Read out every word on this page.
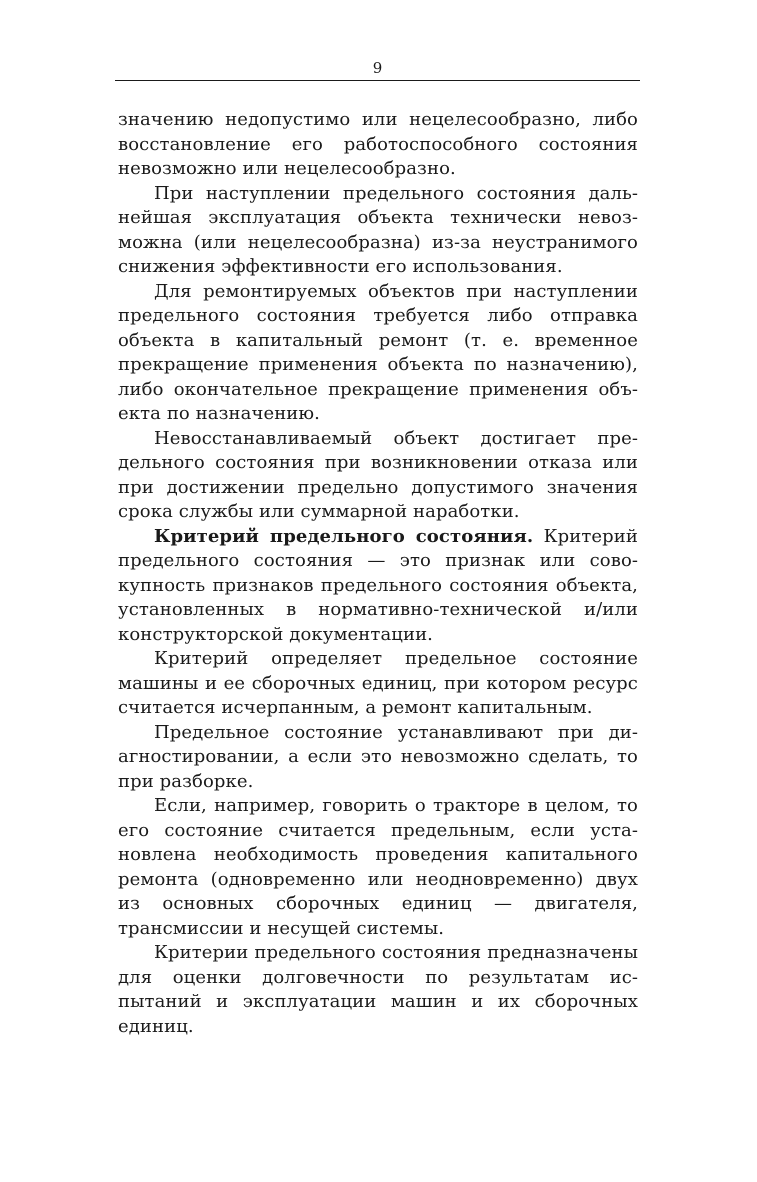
9

значению недопустимо или нецелесообразно, либо восстановление его работоспособного состояния невозможно или нецелесообразно.

При наступлении предельного состояния дальнейшая эксплуатация объекта технически невозможна (или нецелесообразна) из-за неустранимого снижения эффективности его использования.

Для ремонтируемых объектов при наступлении предельного состояния требуется либо отправка объекта в капитальный ремонт (т. е. временное прекращение применения объекта по назначению), либо окончательное прекращение применения объекта по назначению.

Невосстанавливаемый объект достигает предельного состояния при возникновении отказа или при достижении предельно допустимого значения срока службы или суммарной наработки.

Критерий предельного состояния. Критерий предельного состояния — это признак или совокупность признаков предельного состояния объекта, установленных в нормативно-технической и/или конструкторской документации.

Критерий определяет предельное состояние машины и ее сборочных единиц, при котором ресурс считается исчерпанным, а ремонт капитальным.

Предельное состояние устанавливают при диагностировании, а если это невозможно сделать, то при разборке.

Если, например, говорить о тракторе в целом, то его состояние считается предельным, если установлена необходимость проведения капитального ремонта (одновременно или неодновременно) двух из основных сборочных единиц — двигателя, трансмиссии и несущей системы.

Критерии предельного состояния предназначены для оценки долговечности по результатам испытаний и эксплуатации машин и их сборочных единиц.
